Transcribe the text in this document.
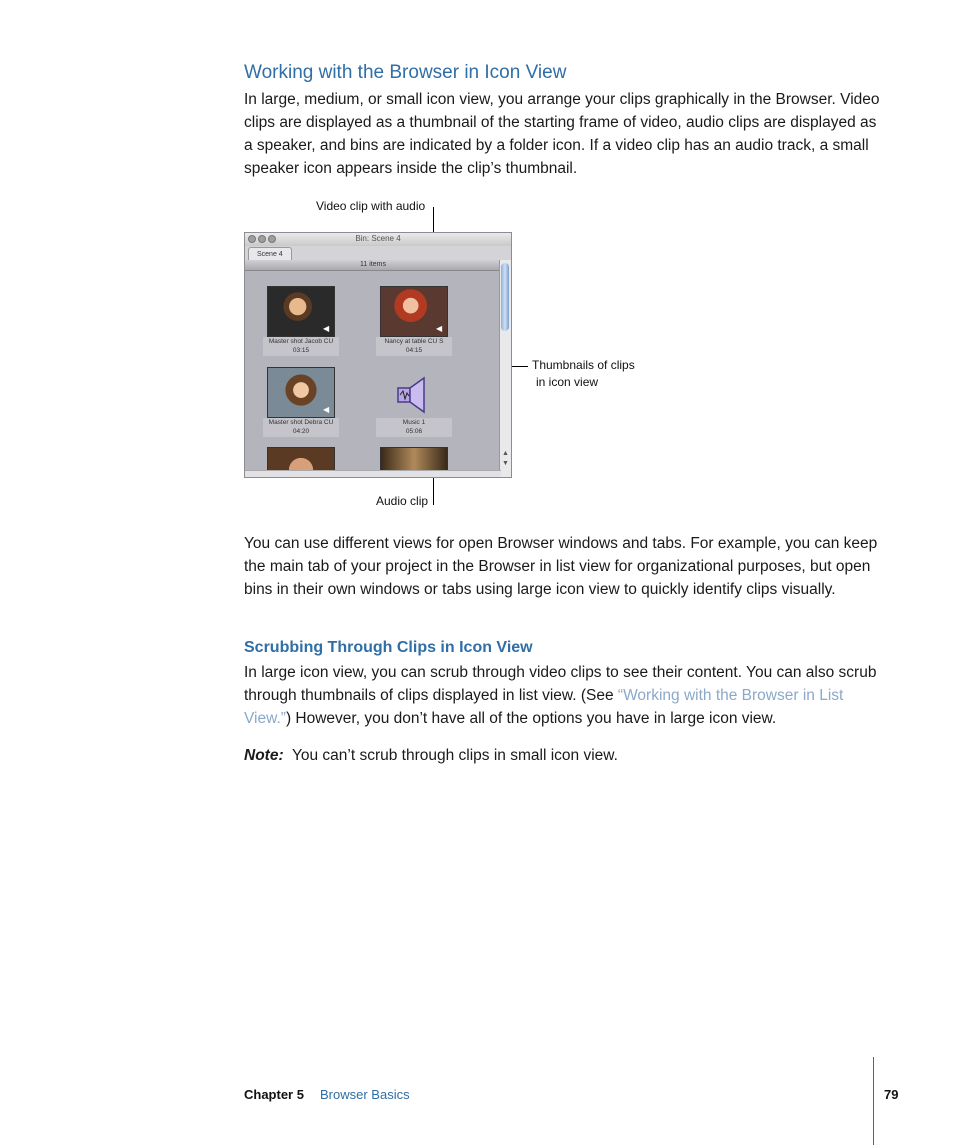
Working with the Browser in Icon View

In large, medium, or small icon view, you arrange your clips graphically in the Browser. Video clips are displayed as a thumbnail of the starting frame of video, audio clips are displayed as a speaker, and bins are indicated by a folder icon. If a video clip has an audio track, a small speaker icon appears inside the clip’s thumbnail.

Video clip with audio
Thumbnails of clips
in icon view
Audio clip
Bin: Scene 4
Scene 4
11 items
▲
▼
◀
Master shot Jacob CU
03:15
◀
Nancy at table CU S
04:15
◀
Master shot Debra CU
04:20
Music 1
05:06

You can use different views for open Browser windows and tabs. For example, you can keep the main tab of your project in the Browser in list view for organizational purposes, but open bins in their own windows or tabs using large icon view to quickly identify clips visually.

Scrubbing Through Clips in Icon View

In large icon view, you can scrub through video clips to see their content. You can also scrub through thumbnails of clips displayed in list view. (See “Working with the Browser in List View.”) However, you don’t have all of the options you have in large icon view.

Note: You can’t scrub through clips in small icon view.

Chapter 5 Browser Basics	79
